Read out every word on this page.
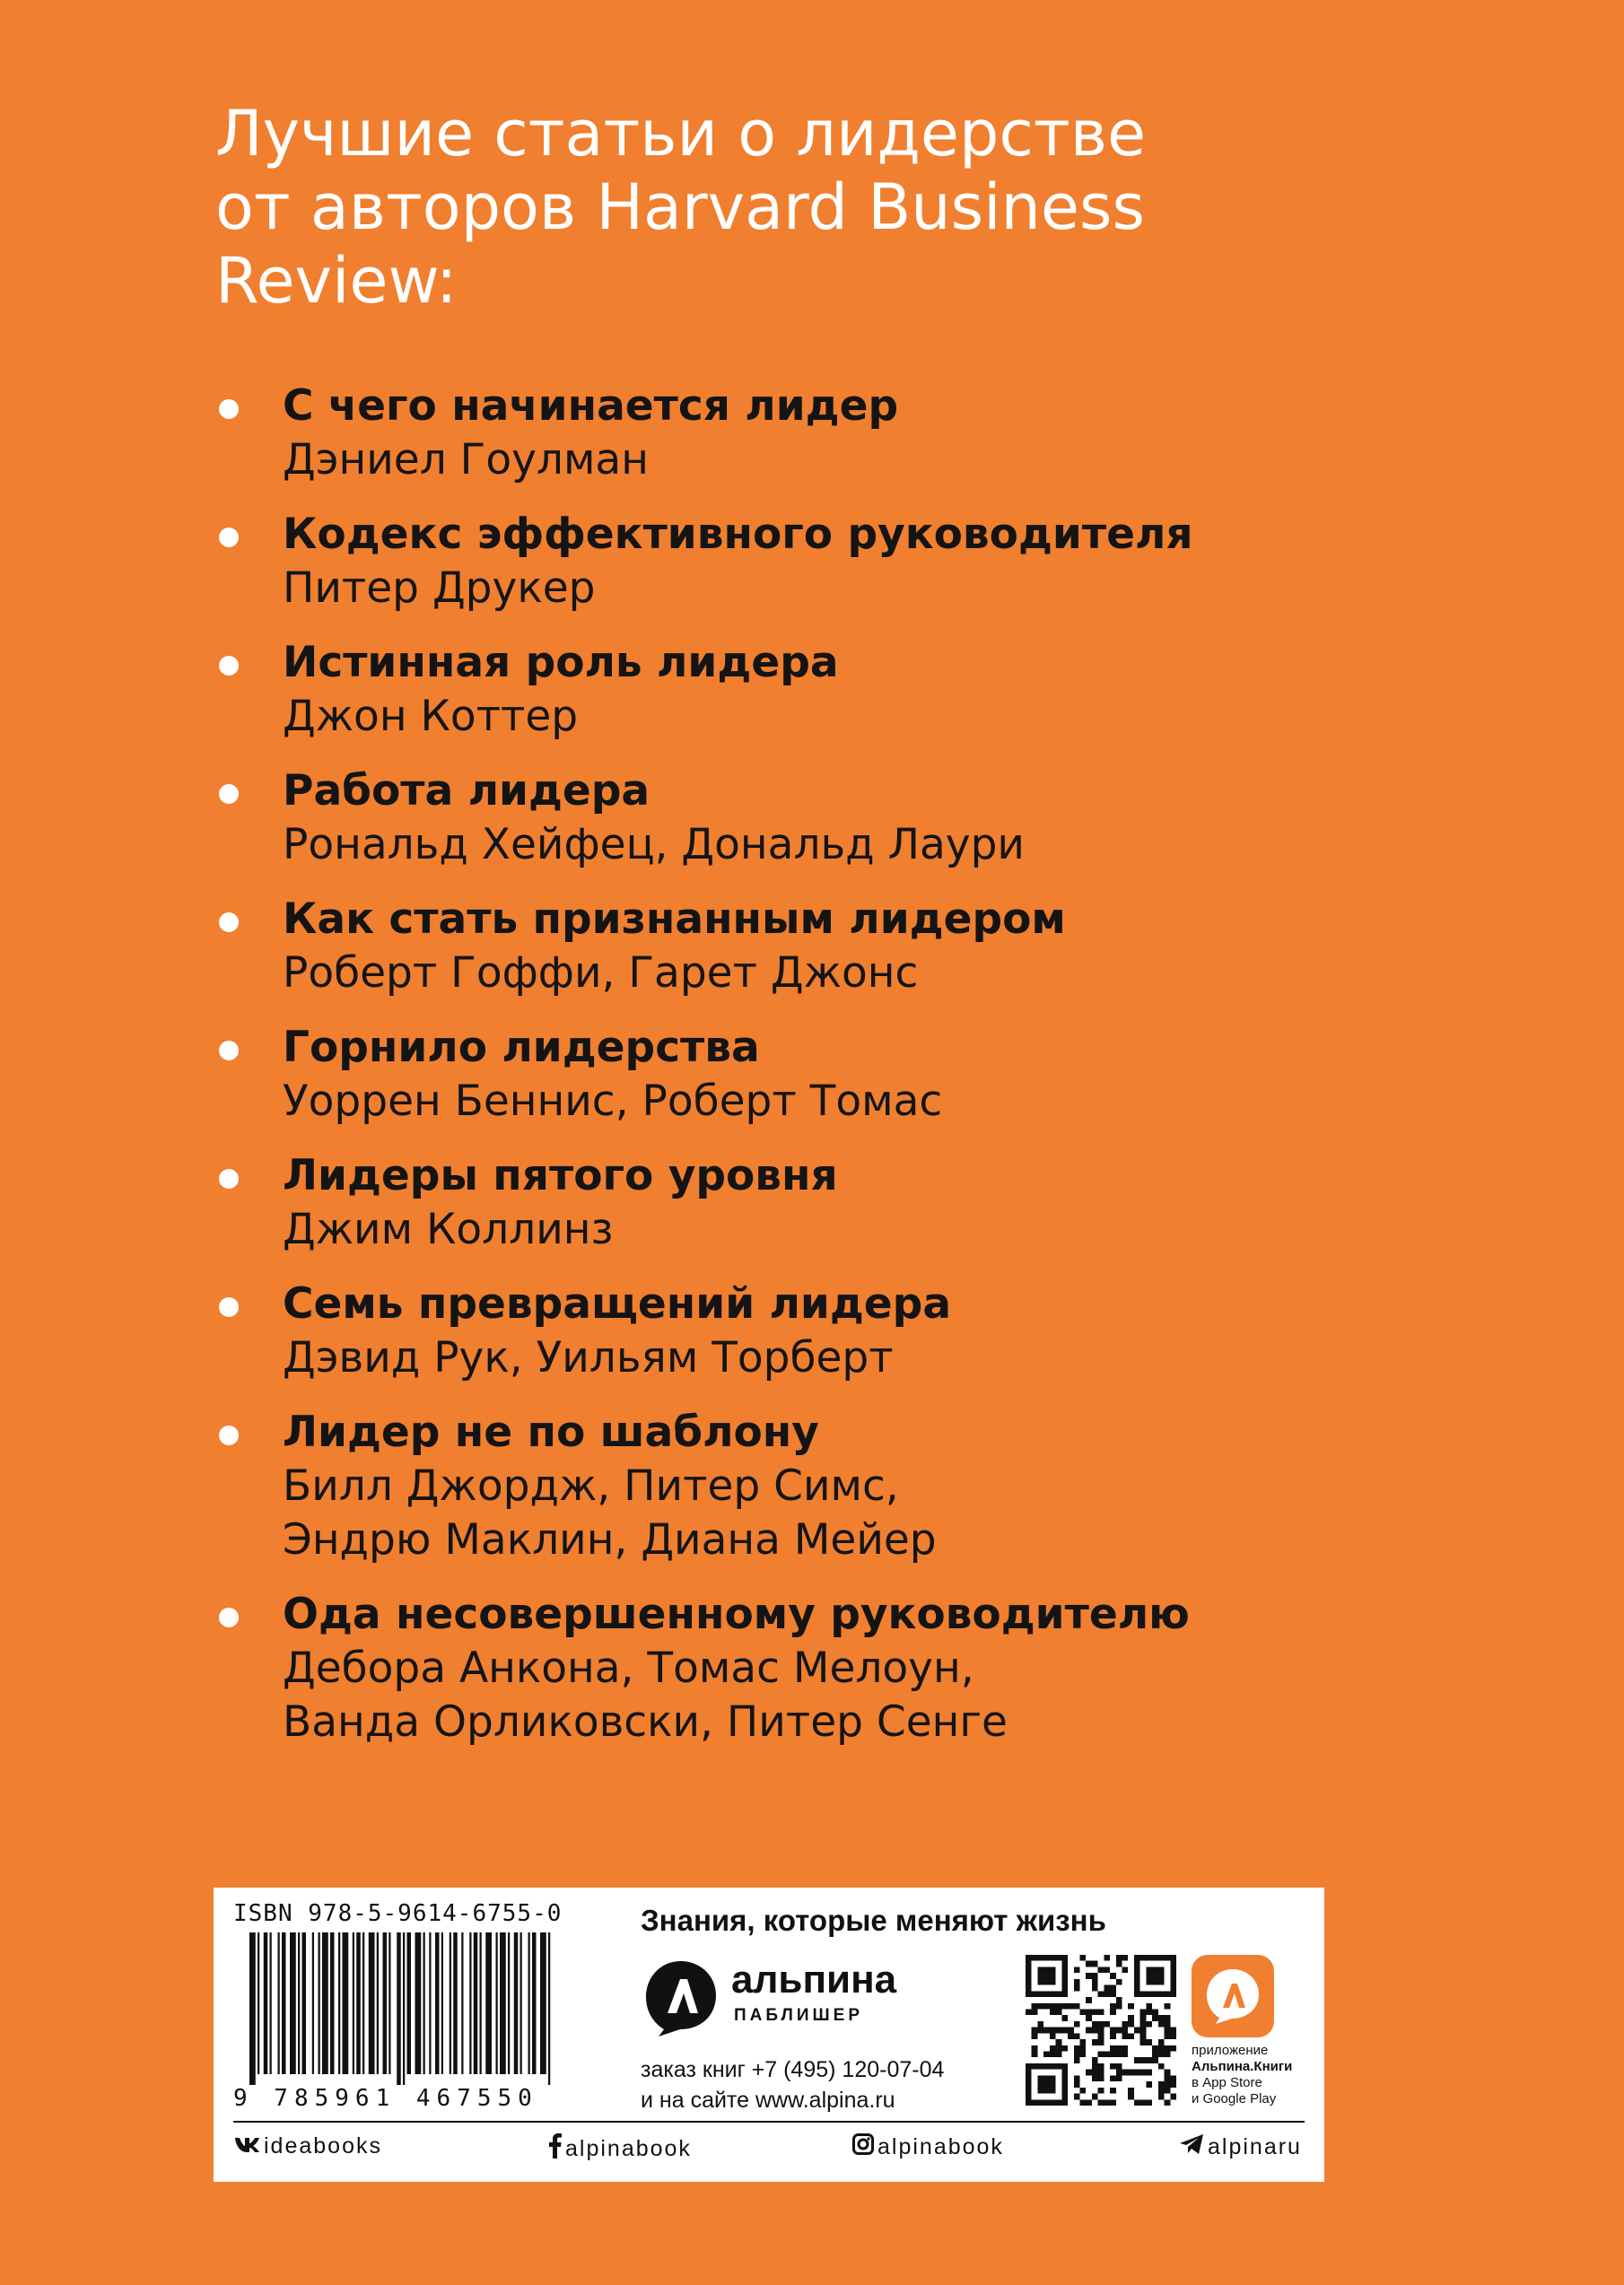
Лучшие статьи о лидерстве
от авторов Harvard Business
Review:
С чего начинается лидер
Дэниел Гоулман
Кодекс эффективного руководителя
Питер Друкер
Истинная роль лидера
Джон Коттер
Работа лидера
Рональд Хейфец, Дональд Лаури
Как стать признанным лидером
Роберт Гоффи, Гарет Джонс
Горнило лидерства
Уоррен Беннис, Роберт Томас
Лидеры пятого уровня
Джим Коллинз
Семь превращений лидера
Дэвид Рук, Уильям Торберт
Лидер не по шаблону
Билл Джордж, Питер Симс,
Эндрю Маклин, Диана Мейер
Ода несовершенному руководителю
Дебора Анкона, Томас Мелоун,
Ванда Орликовски, Питер Сенге
ISBN 978-5-9614-6755-0
9 785961 467550
Знания, которые меняют жизнь
альпина
ПАБЛИШЕР
заказ книг +7 (495) 120-07-04
и на сайте www.alpina.ru
приложение
Альпина.Книги
в App Store
и Google Play
ideabooks	alpinabook	alpinabook	alpinaru
